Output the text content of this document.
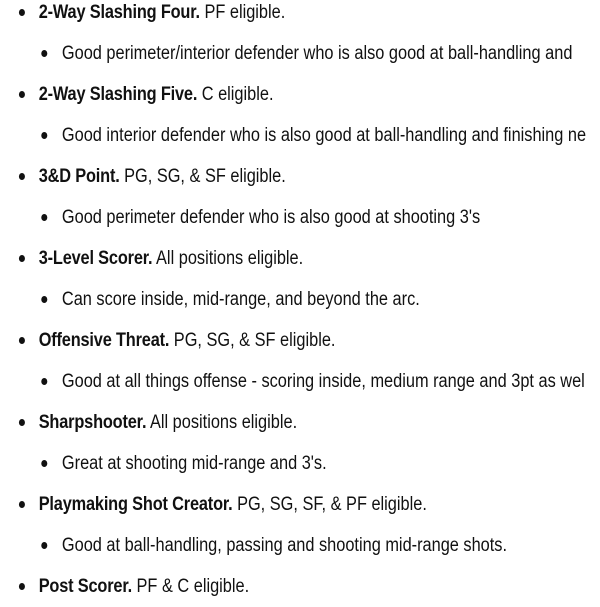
2-Way Slashing Four. PF eligible.
Good perimeter/interior defender who is also good at ball-handling and
2-Way Slashing Five. C eligible.
Good interior defender who is also good at ball-handling and finishing ne
3&D Point. PG, SG, & SF eligible.
Good perimeter defender who is also good at shooting 3's
3-Level Scorer. All positions eligible.
Can score inside, mid-range, and beyond the arc.
Offensive Threat. PG, SG, & SF eligible.
Good at all things offense - scoring inside, medium range and 3pt as wel
Sharpshooter. All positions eligible.
Great at shooting mid-range and 3's.
Playmaking Shot Creator. PG, SG, SF, & PF eligible.
Good at ball-handling, passing and shooting mid-range shots.
Post Scorer. PF & C eligible.
